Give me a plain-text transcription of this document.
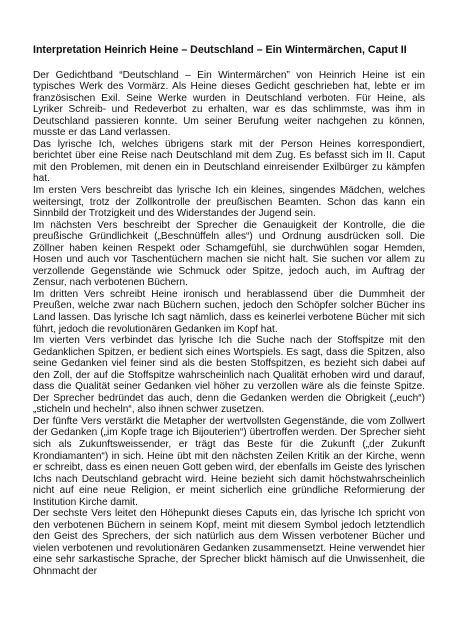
Interpretation Heinrich Heine – Deutschland – Ein Wintermärchen, Caput II

Der Gedichtband “Deutschland – Ein Wintermärchen” von Heinrich Heine ist ein typisches Werk des Vormärz. Als Heine dieses Gedicht geschrieben hat, lebte er im französischen Exil. Seine Werke wurden in Deutschland verboten. Für Heine, als Lyriker Schreib- und Redeverbot zu erhalten, war es das schlimmste, was ihm in Deutschland passieren konnte. Um seiner Berufung weiter nachgehen zu können, musste er das Land verlassen.

Das lyrische Ich, welches übrigens stark mit der Person Heines korrespondiert, berichtet über eine Reise nach Deutschland mit dem Zug. Es befasst sich im II. Caput mit den Problemen, mit denen ein in Deutschland einreisender Exilbürger zu kämpfen hat.

Im ersten Vers beschreibt das lyrische Ich ein kleines, singendes Mädchen, welches weitersingt, trotz der Zollkontrolle der preußischen Beamten. Schon das kann ein Sinnbild der Trotzigkeit und des Widerstandes der Jugend sein.

Im nächsten Vers beschreibt der Sprecher die Genauigkeit der Kontrolle, die die preußische Gründlichkeit („Beschnüffeln alles“) und Ordnung ausdrücken soll. Die Zöllner haben keinen Respekt oder Schamgefühl, sie durchwühlen sogar Hemden, Hosen und auch vor Taschentüchern machen sie nicht halt. Sie suchen vor allem zu verzollende Gegenstände wie Schmuck oder Spitze, jedoch auch, im Auftrag der Zensur, nach verbotenen Büchern.

Im dritten Vers schreibt Heine ironisch und herablassend über die Dummheit der Preußen, welche zwar nach Büchern suchen, jedoch den Schöpfer solcher Bücher ins Land lassen. Das lyrische Ich sagt nämlich, dass es keinerlei verbotene Bücher mit sich führt, jedoch die revolutionären Gedanken im Kopf hat.

Im vierten Vers verbindet das lyrische Ich die Suche nach der Stoffspitze mit den Gedanklichen Spitzen, er bedient sich eines Wortspiels. Es sagt, dass die Spitzen, also seine Gedanken viel feiner sind als die besten Stoffspitzen, es bezieht sich dabei auf den Zoll, der auf die Stoffspitze wahrscheinlich nach Qualität erhoben wird und darauf, dass die Qualität seiner Gedanken viel höher zu verzollen wäre als die feinste Spitze. Der Sprecher bedründet das auch, denn die Gedanken werden die Obrigkeit („euch“) „sticheln und hecheln“, also ihnen schwer zusetzen.

Der fünfte Vers verstärkt die Metapher der wertvollsten Gegenstände, die vom Zollwert der Gedanken („im Kopfe trage ich Bijouterien“) übertroffen werden. Der Sprecher sieht sich als Zukunftsweissender, er trägt das Beste für die Zukunft („der Zukunft Krondiamanten“) in sich. Heine übt mit den nächsten Zeilen Kritik an der Kirche, wenn er schreibt, dass es einen neuen Gott geben wird, der ebenfalls im Geiste des lyrischen Ichs nach Deutschland gebracht wird. Heine bezieht sich damit höchstwahrscheinlich nicht auf eine neue Religion, er meint sicherlich eine gründliche Reformierung der Institution Kirche damit.

Der sechste Vers leitet den Höhepunkt dieses Caputs ein, das lyrische Ich spricht von den verbotenen Büchern in seinem Kopf, meint mit diesem Symbol jedoch letztendlich den Geist des Sprechers, der sich natürlich aus dem Wissen verbotener Bücher und vielen verbotenen und revolutionären Gedanken zusammensetzt. Heine verwendet hier eine sehr sarkastische Sprache, der Sprecher blickt hämisch auf die Unwissenheit, die Ohnmacht der
